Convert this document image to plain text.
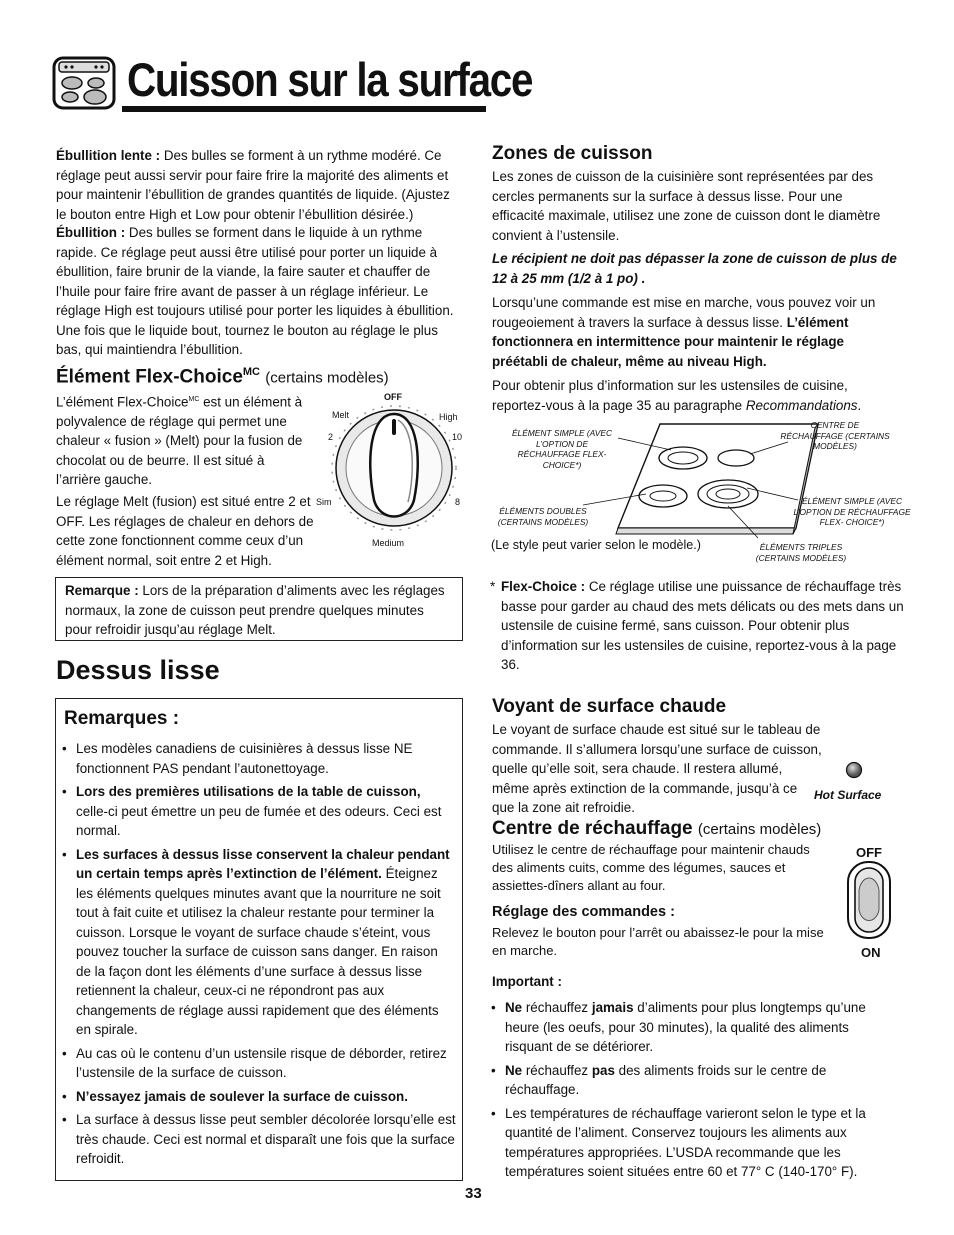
Cuisson sur la surface
Ébullition lente : Des bulles se forment à un rythme modéré. Ce réglage peut aussi servir pour faire frire la majorité des aliments et pour maintenir l’ébullition de grandes quantités de liquide. (Ajustez le bouton entre High et Low pour obtenir l’ébullition désirée.)
Ébullition : Des bulles se forment dans le liquide à un rythme rapide. Ce réglage peut aussi être utilisé pour porter un liquide à ébullition, faire brunir de la viande, la faire sauter et chauffer de l’huile pour faire frire avant de passer à un réglage inférieur. Le réglage High est toujours utilisé pour porter les liquides à ébullition. Une fois que le liquide bout, tournez le bouton au réglage le plus bas, qui maintiendra l’ébullition.
Élément Flex-Choice$^{MC}$ (certains modèles)
L’élément Flex-Choice$^{MC}$ est un élément à polyvalence de réglage qui permet une chaleur « fusion » (Melt) pour la fusion de chocolat ou de beurre. Il est situé à l’arrière gauche.
Le réglage Melt (fusion) est situé entre 2 et OFF. Les réglages de chaleur en dehors de cette zone fonctionnent comme ceux d’un élément normal, soit entre 2 et High.
OFF
Melt	High
2	10
Sim	8
Medium
Remarque : Lors de la préparation d’aliments avec les réglages normaux, la zone de cuisson peut prendre quelques minutes pour refroidir jusqu’au réglage Melt.
Dessus lisse
Remarques :
• Les modèles canadiens de cuisinières à dessus lisse NE fonctionnent PAS pendant l’autonettoyage.
• Lors des premières utilisations de la table de cuisson, celle-ci peut émettre un peu de fumée et des odeurs. Ceci est normal.
• Les surfaces à dessus lisse conservent la chaleur pendant un certain temps après l’extinction de l’élément. Éteignez les éléments quelques minutes avant que la nourriture ne soit tout à fait cuite et utilisez la chaleur restante pour terminer la cuisson. Lorsque le voyant de surface chaude s’éteint, vous pouvez toucher la surface de cuisson sans danger. En raison de la façon dont les éléments d’une surface à dessus lisse retiennent la chaleur, ceux-ci ne répondront pas aux changements de réglage aussi rapidement que des éléments en spirale.
• Au cas où le contenu d’un ustensile risque de déborder, retirez l’ustensile de la surface de cuisson.
• N’essayez jamais de soulever la surface de cuisson.
• La surface à dessus lisse peut sembler décolorée lorsqu’elle est très chaude. Ceci est normal et disparaît une fois que la surface refroidit.
Zones de cuisson
Les zones de cuisson de la cuisinière sont représentées par des cercles permanents sur la surface à dessus lisse. Pour une efficacité maximale, utilisez une zone de cuisson dont le diamètre convient à l’ustensile.
Le récipient ne doit pas dépasser la zone de cuisson de plus de 12 à 25 mm (1/2 à 1 po) .
Lorsqu’une commande est mise en marche, vous pouvez voir un rougeoiement à travers la surface à dessus lisse. L’élément fonctionnera en intermittence pour maintenir le réglage préétabli de chaleur, même au niveau High.
Pour obtenir plus d’information sur les ustensiles de cuisine, reportez-vous à la page 35 au paragraphe Recommandations.
ÉLÉMENT SIMPLE (AVEC L’OPTION DE RÉCHAUFFAGE FLEX-CHOICE*)
CENTRE DE RÉCHAUFFAGE (CERTAINS MODÈLES)
ÉLÉMENTS DOUBLES (CERTAINS MODÈLES)
ÉLÉMENT SIMPLE (AVEC L’OPTION DE RÉCHAUFFAGE FLEX- CHOICE*)
(Le style peut varier selon le modèle.)	ÉLÉMENTS TRIPLES (CERTAINS MODÈLES)
* Flex-Choice : Ce réglage utilise une puissance de réchauffage très basse pour garder au chaud des mets délicats ou des mets dans un ustensile de cuisine fermé, sans cuisson. Pour obtenir plus d’information sur les ustensiles de cuisine, reportez-vous à la page 36.
Voyant de surface chaude
Le voyant de surface chaude est situé sur le tableau de commande. Il s’allumera lorsqu’une surface de cuisson, quelle qu’elle soit, sera chaude. Il restera allumé, même après extinction de la commande, jusqu’à ce que la zone ait refroidie.
Hot Surface
Centre de réchauffage (certains modèles)
Utilisez le centre de réchauffage pour maintenir chauds des aliments cuits, comme des légumes, sauces et assiettes-dîners allant au four.
OFF
ON
Réglage des commandes :
Relevez le bouton pour l’arrêt ou abaissez-le pour la mise en marche.
Important :
• Ne réchauffez jamais d’aliments pour plus longtemps qu’une heure (les oeufs, pour 30 minutes), la qualité des aliments risquant de se détériorer.
• Ne réchauffez pas des aliments froids sur le centre de réchauffage.
• Les températures de réchauffage varieront selon le type et la quantité de l’aliment. Conservez toujours les aliments aux températures appropriées. L’USDA recommande que les températures soient situées entre 60 et 77° C (140-170° F).
33
